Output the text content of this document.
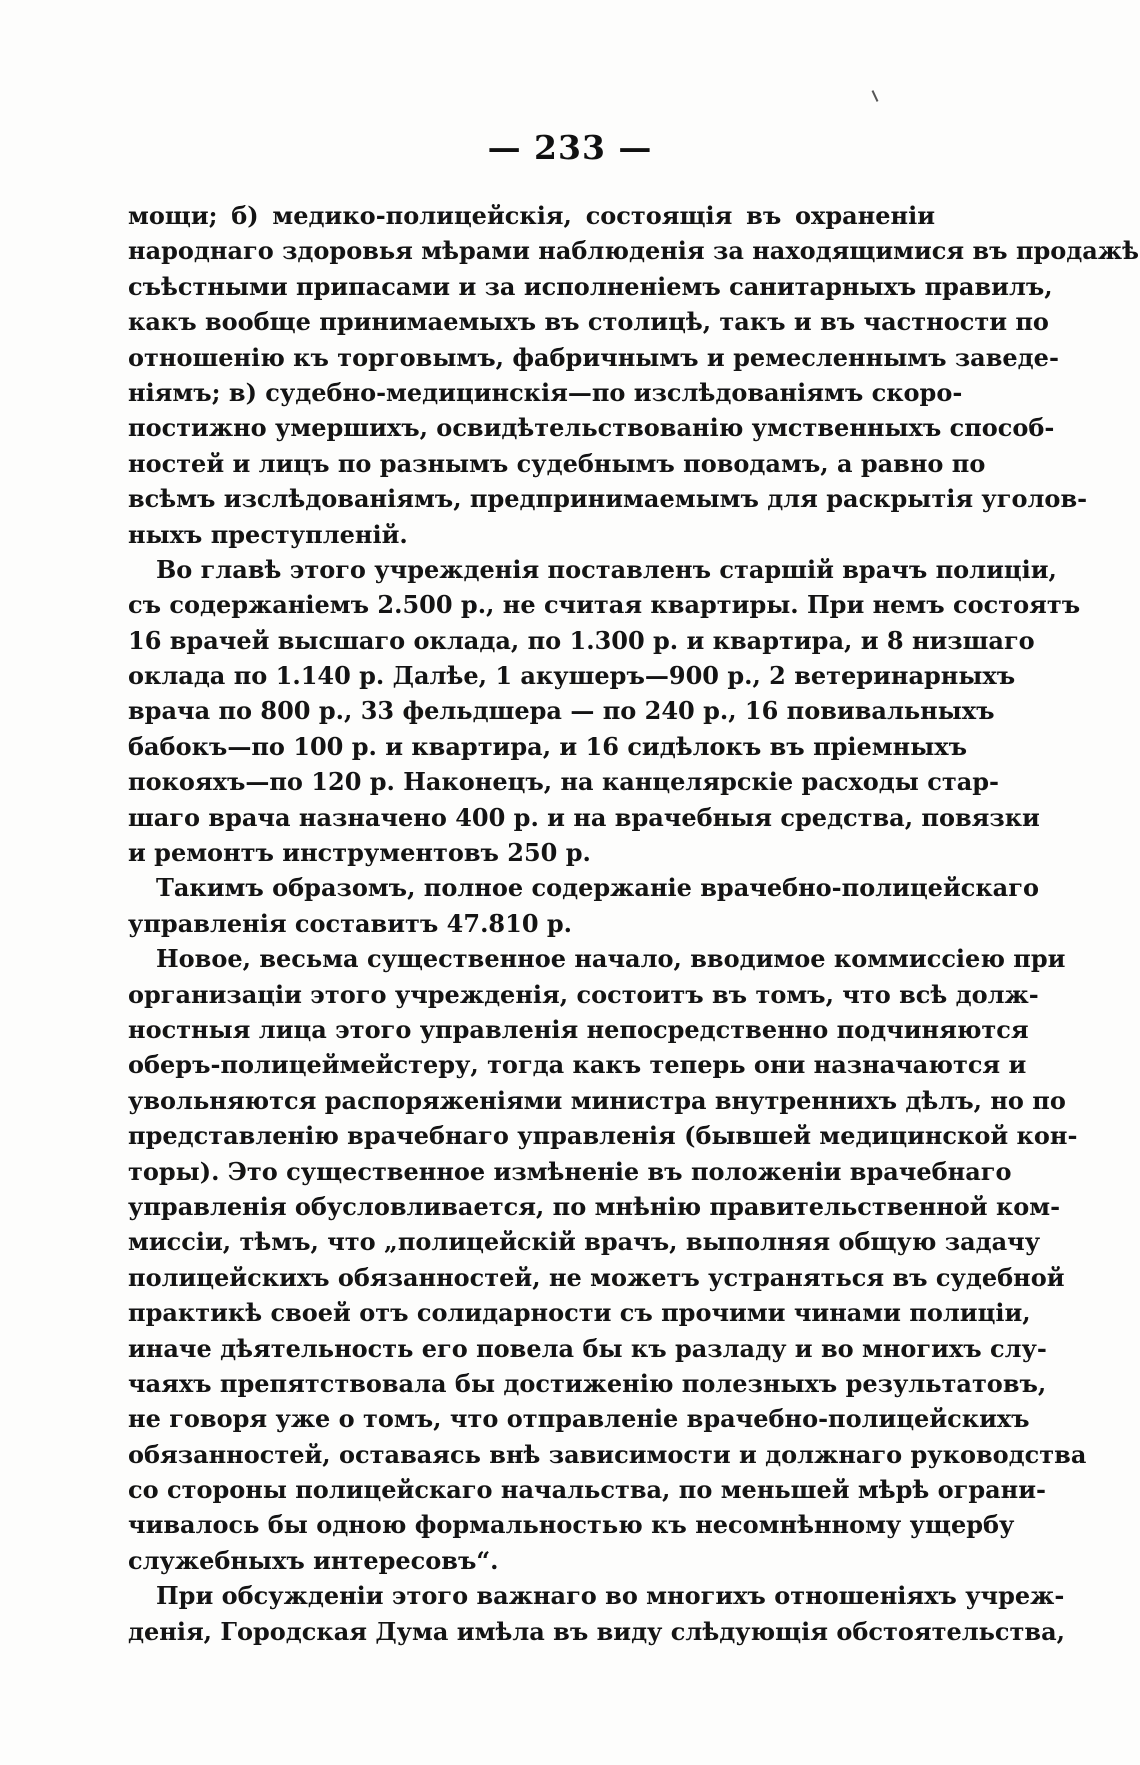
— 233 —
мощи; б) медико-полицейскія, состоящія въ охраненіи
народнаго здоровья мѣрами наблюденія за находящимися въ продажѣ
съѣстными припасами и за исполненіемъ санитарныхъ правилъ,
какъ вообще принимаемыхъ въ столицѣ, такъ и въ частности по
отношенію къ торговымъ, фабричнымъ и ремесленнымъ заведе-
ніямъ; в) судебно-медицинскія—по изслѣдованіямъ скоро-
постижно умершихъ, освидѣтельствованію умственныхъ способ-
ностей и лицъ по разнымъ судебнымъ поводамъ, а равно по
всѣмъ изслѣдованіямъ, предпринимаемымъ для раскрытія уголов-
ныхъ преступленій.
Во главѣ этого учрежденія поставленъ старшій врачъ полиціи,
съ содержаніемъ 2.500 р., не считая квартиры. При немъ состоятъ
16 врачей высшаго оклада, по 1.300 р. и квартира, и 8 низшаго
оклада по 1.140 р. Далѣе, 1 акушеръ—900 р., 2 ветеринарныхъ
врача по 800 р., 33 фельдшера — по 240 р., 16 повивальныхъ
бабокъ—по 100 р. и квартира, и 16 сидѣлокъ въ пріемныхъ
покояхъ—по 120 р. Наконецъ, на канцелярскіе расходы стар-
шаго врача назначено 400 р. и на врачебныя средства, повязки
и ремонтъ инструментовъ 250 р.
Такимъ образомъ, полное содержаніе врачебно-полицейскаго
управленія составитъ 47.810 р.
Новое, весьма существенное начало, вводимое коммиссіею при
организаціи этого учрежденія, состоитъ въ томъ, что всѣ долж-
ностныя лица этого управленія непосредственно подчиняются
оберъ-полицеймейстеру, тогда какъ теперь они назначаются и
увольняются распоряженіями министра внутреннихъ дѣлъ, но по
представленію врачебнаго управленія (бывшей медицинской кон-
торы). Это существенное измѣненіе въ положеніи врачебнаго
управленія обусловливается, по мнѣнію правительственной ком-
миссіи, тѣмъ, что „полицейскій врачъ, выполняя общую задачу
полицейскихъ обязанностей, не можетъ устраняться въ судебной
практикѣ своей отъ солидарности съ прочими чинами полиціи,
иначе дѣятельность его повела бы къ разладу и во многихъ слу-
чаяхъ препятствовала бы достиженію полезныхъ результатовъ,
не говоря уже о томъ, что отправленіе врачебно-полицейскихъ
обязанностей, оставаясь внѣ зависимости и должнаго руководства
со стороны полицейскаго начальства, по меньшей мѣрѣ ограни-
чивалось бы одною формальностью къ несомнѣнному ущербу
служебныхъ интересовъ“.
При обсужденіи этого важнаго во многихъ отношеніяхъ учреж-
денія, Городская Дума имѣла въ виду слѣдующія обстоятельства,
